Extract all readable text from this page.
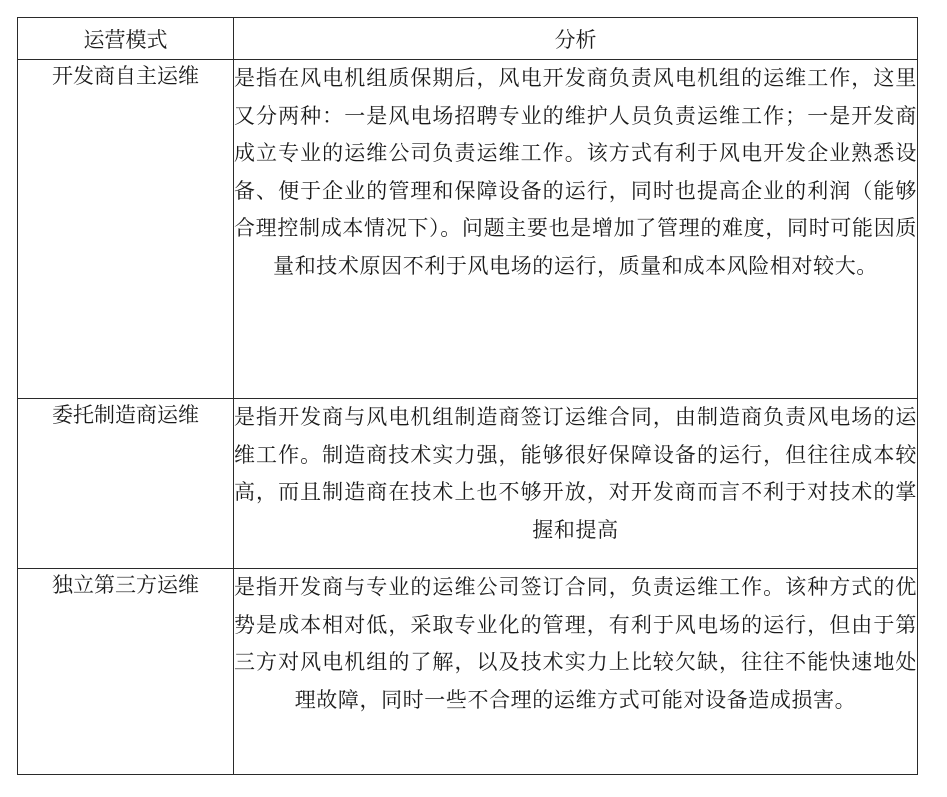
运营模式	分析
开发商自主运维	是指在风电机组质保期后，风电开发商负责风电机组的运维工作，这里又分两种：一是风电场招聘专业的维护人员负责运维工作；一是开发商成立专业的运维公司负责运维工作。该方式有利于风电开发企业熟悉设备、便于企业的管理和保障设备的运行，同时也提高企业的利润（能够合理控制成本情况下）。问题主要也是增加了管理的难度，同时可能因质量和技术原因不利于风电场的运行，质量和成本风险相对较大。
委托制造商运维	是指开发商与风电机组制造商签订运维合同，由制造商负责风电场的运维工作。制造商技术实力强，能够很好保障设备的运行，但往往成本较高，而且制造商在技术上也不够开放，对开发商而言不利于对技术的掌握和提高
独立第三方运维	是指开发商与专业的运维公司签订合同，负责运维工作。该种方式的优势是成本相对低，采取专业化的管理，有利于风电场的运行，但由于第三方对风电机组的了解，以及技术实力上比较欠缺，往往不能快速地处理故障，同时一些不合理的运维方式可能对设备造成损害。
